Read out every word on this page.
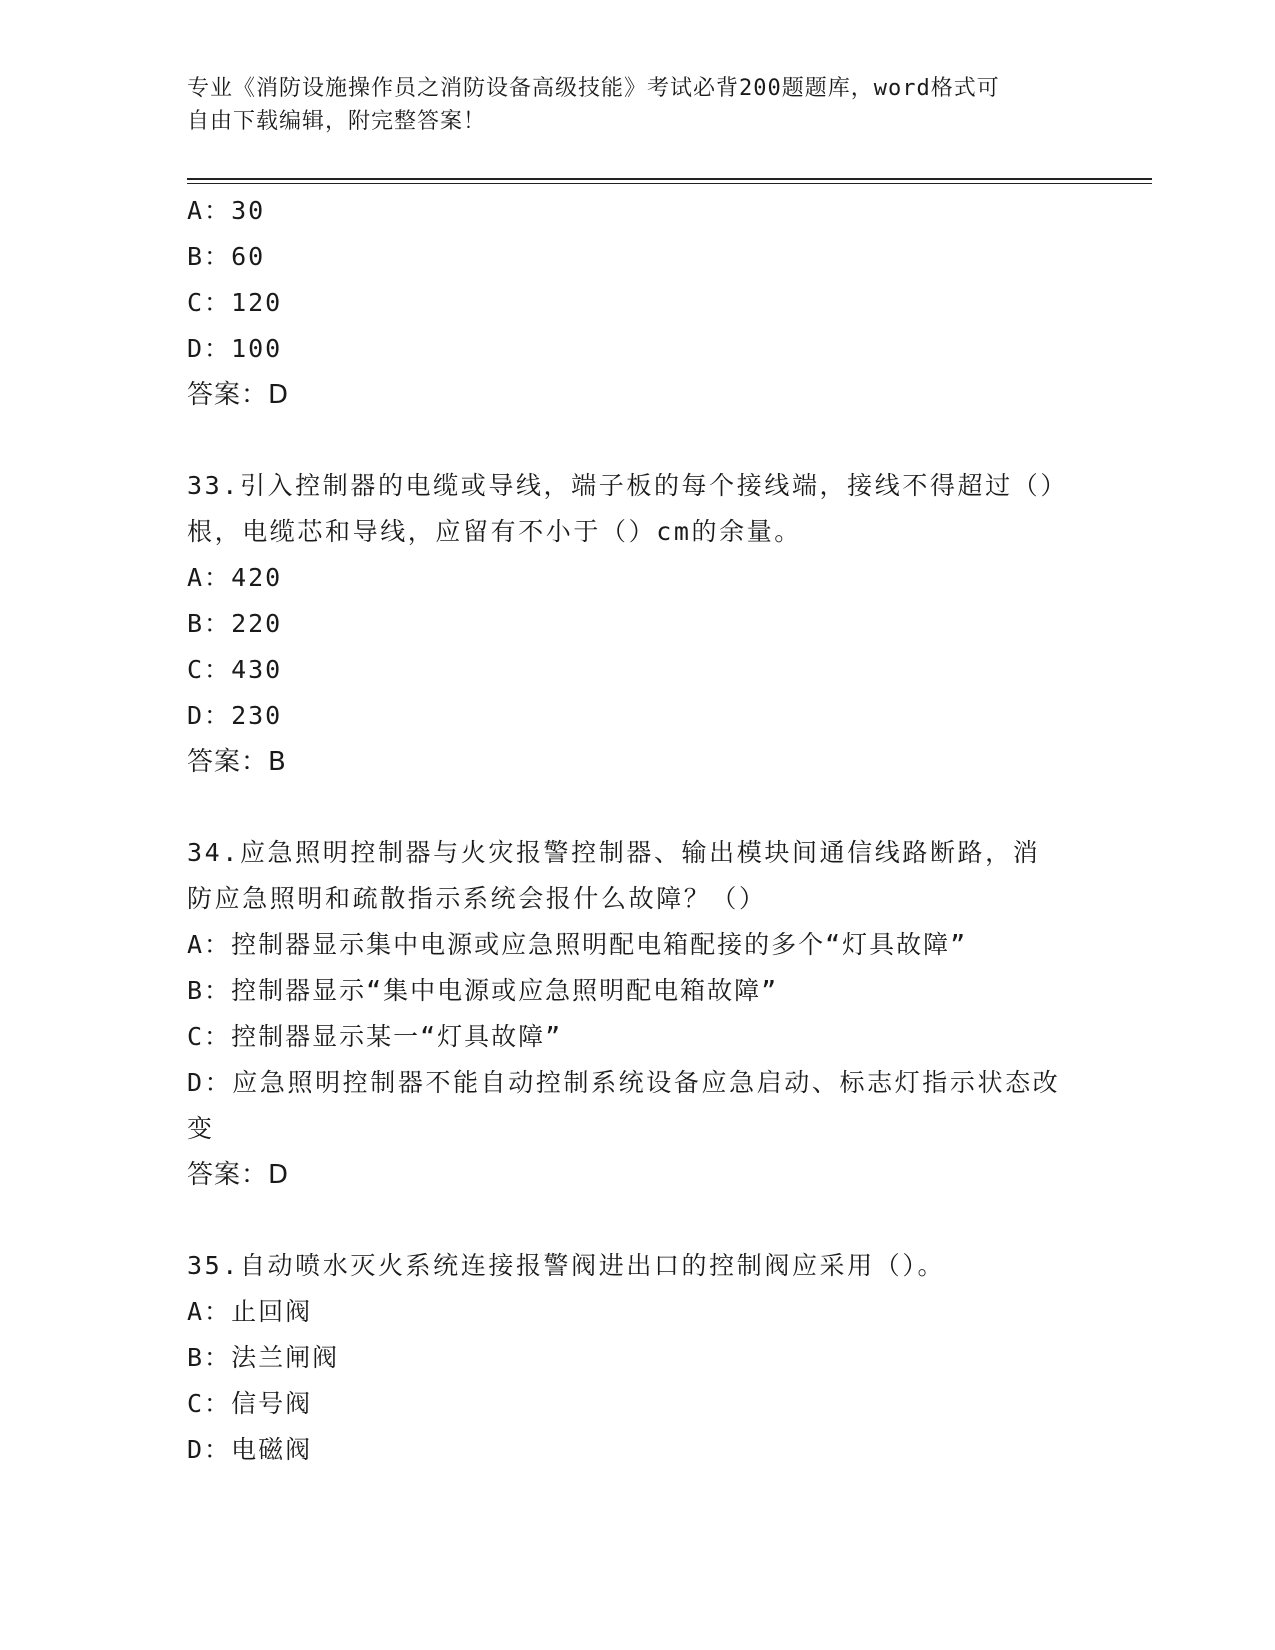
专业《消防设施操作员之消防设备高级技能》考试必背200题题库，word格式可
自由下载编辑，附完整答案！
A：30
B：60
C：120
D：100
答案：D
33.引入控制器的电缆或导线，端子板的每个接线端，接线不得超过（）根，电缆芯和导线，应留有不小于（）cm的余量。
A：420
B：220
C：430
D：230
答案：B
34.应急照明控制器与火灾报警控制器、输出模块间通信线路断路，消防应急照明和疏散指示系统会报什么故障？（）
A：控制器显示集中电源或应急照明配电箱配接的多个“灯具故障”
B：控制器显示“集中电源或应急照明配电箱故障”
C：控制器显示某一“灯具故障”
D：应急照明控制器不能自动控制系统设备应急启动、标志灯指示状态改变
答案：D
35.自动喷水灭火系统连接报警阀进出口的控制阀应采用（）。
A：止回阀
B：法兰闸阀
C：信号阀
D：电磁阀
